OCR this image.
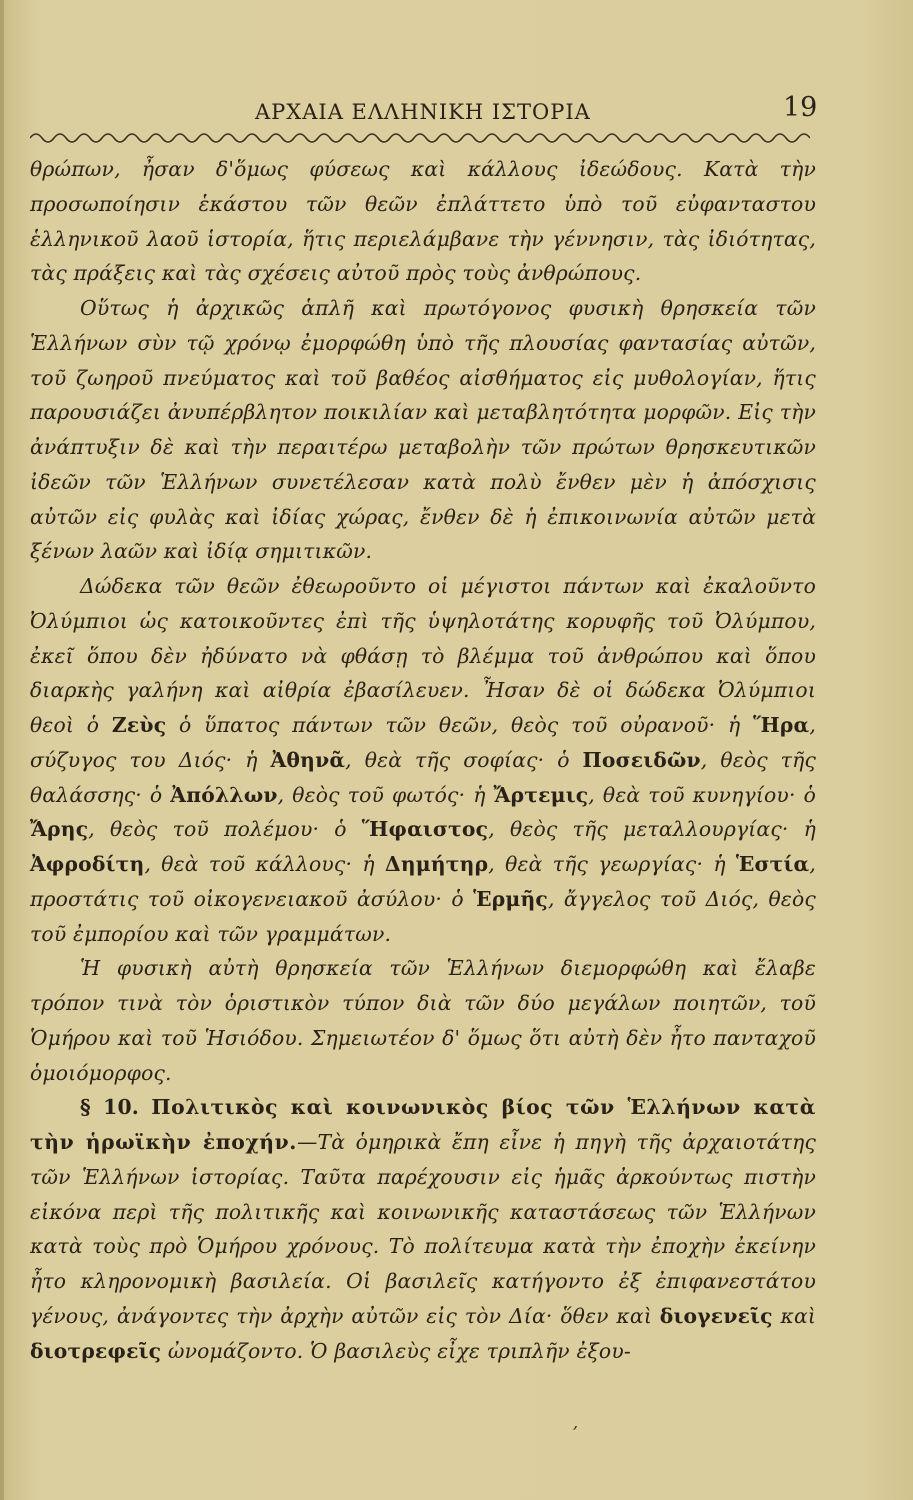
ΑΡΧΑΙΑ ΕΛΛΗΝΙΚΗ ΙΣΤΟΡΙΑ	19

θρώπων, ἦσαν δ'ὅμως φύσεως καὶ κάλλους ἰδεώδους. Κατὰ τὴν προσωποίησιν ἑκάστου τῶν θεῶν ἐπλάττετο ὑπὸ τοῦ εὐφανταστου ἑλληνικοῦ λαοῦ ἱστορία, ἥτις περιελάμβανε τὴν γέννησιν, τὰς ἰδιότητας, τὰς πράξεις καὶ τὰς σχέσεις αὐτοῦ πρὸς τοὺς ἀνθρώπους.

Οὕτως ἡ ἀρχικῶς ἁπλῆ καὶ πρωτόγονος φυσικὴ θρησκεία τῶν Ἑλλήνων σὺν τῷ χρόνῳ ἐμορφώθη ὑπὸ τῆς πλουσίας φαντασίας αὐτῶν, τοῦ ζωηροῦ πνεύματος καὶ τοῦ βαθέος αἰσθήματος εἰς μυθολογίαν, ἥτις παρουσιάζει ἀνυπέρβλητον ποικιλίαν καὶ μεταβλητότητα μορφῶν. Εἰς τὴν ἀνάπτυξιν δὲ καὶ τὴν περαιτέρω μεταβολὴν τῶν πρώτων θρησκευτικῶν ἰδεῶν τῶν Ἑλλήνων συνετέλεσαν κατὰ πολὺ ἔνθεν μὲν ἡ ἀπόσχισις αὐτῶν εἰς φυλὰς καὶ ἰδίας χώρας, ἔνθεν δὲ ἡ ἐπικοινωνία αὐτῶν μετὰ ξένων λαῶν καὶ ἰδίᾳ σημιτικῶν.

Δώδεκα τῶν θεῶν ἐθεωροῦντο οἱ μέγιστοι πάντων καὶ ἐκαλοῦντο Ὀλύμπιοι ὡς κατοικοῦντες ἐπὶ τῆς ὑψηλοτάτης κορυφῆς τοῦ Ὀλύμπου, ἐκεῖ ὅπου δὲν ἠδύνατο νὰ φθάσῃ τὸ βλέμμα τοῦ ἀνθρώπου καὶ ὅπου διαρκὴς γαλήνη καὶ αἰθρία ἐβασίλευεν. Ἦσαν δὲ οἱ δώδεκα Ὀλύμπιοι θεοὶ ὁ Ζεὺς ὁ ὕπατος πάντων τῶν θεῶν, θεὸς τοῦ οὐρανοῦ· ἡ Ἥρα, σύζυγος του Διός· ἡ Ἀθηνᾶ, θεὰ τῆς σοφίας· ὁ Ποσειδῶν, θεὸς τῆς θαλάσσης· ὁ Ἀπόλλων, θεὸς τοῦ φωτός· ἡ Ἄρτεμις, θεὰ τοῦ κυνηγίου· ὁ Ἄρης, θεὸς τοῦ πολέμου· ὁ Ἥφαιστος, θεὸς τῆς μεταλλουργίας· ἡ Ἀφροδίτη, θεὰ τοῦ κάλλους· ἡ Δημήτηρ, θεὰ τῆς γεωργίας· ἡ Ἑστία, προστάτις τοῦ οἰκογενειακοῦ ἀσύλου· ὁ Ἑρμῆς, ἄγγελος τοῦ Διός, θεὸς τοῦ ἐμπορίου καὶ τῶν γραμμάτων.

Ἡ φυσικὴ αὐτὴ θρησκεία τῶν Ἑλλήνων διεμορφώθη καὶ ἔλαβε τρόπον τινὰ τὸν ὁριστικὸν τύπον διὰ τῶν δύο μεγάλων ποιητῶν, τοῦ Ὁμήρου καὶ τοῦ Ἡσιόδου. Σημειωτέον δ' ὅμως ὅτι αὐτὴ δὲν ἦτο πανταχοῦ ὁμοιόμορφος.

§ 10. Πολιτικὸς καὶ κοινωνικὸς βίος τῶν Ἑλλήνων κατὰ τὴν ἡρωϊκὴν ἐποχήν.—Τὰ ὁμηρικὰ ἔπη εἶνε ἡ πηγὴ τῆς ἀρχαιοτάτης τῶν Ἑλλήνων ἱστορίας. Ταῦτα παρέχουσιν εἰς ἡμᾶς ἀρκούντως πιστὴν εἰκόνα περὶ τῆς πολιτικῆς καὶ κοινωνικῆς καταστάσεως τῶν Ἑλλήνων κατὰ τοὺς πρὸ Ὁμήρου χρόνους. Τὸ πολίτευμα κατὰ τὴν ἐποχὴν ἐκείνην ἦτο κληρονομικὴ βασιλεία. Οἱ βασιλεῖς κατήγοντο ἐξ ἐπιφανεστάτου γένους, ἀνάγοντες τὴν ἀρχὴν αὐτῶν εἰς τὸν Δία· ὅθεν καὶ διογενεῖς καὶ διοτρεφεῖς ὠνομάζοντο. Ὁ βασιλεὺς εἶχε τριπλῆν ἐξου-

,
